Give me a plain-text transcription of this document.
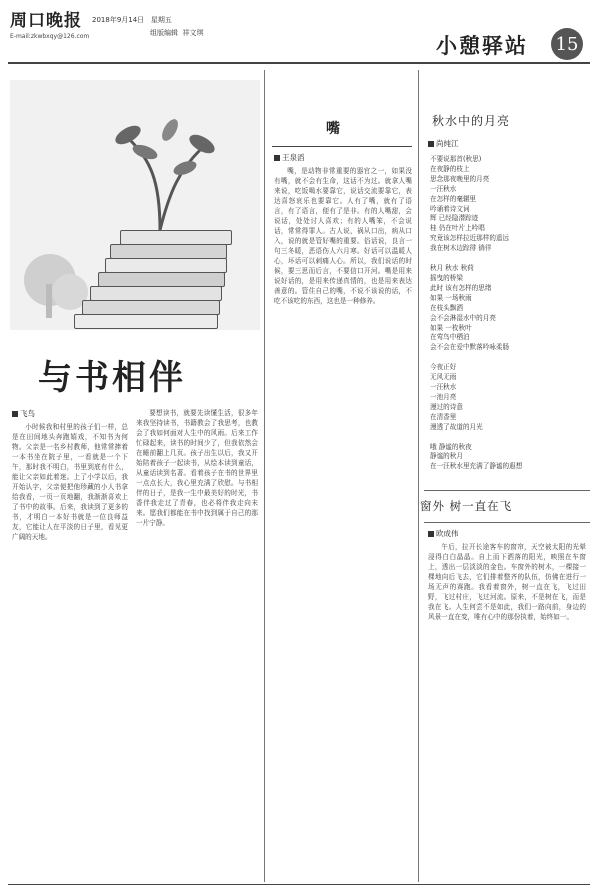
周口晚报
E-mail:zkwbxqy@126.com
2018年9月14日 星期五
组版编辑 祥文琪	小憩驿站 15
与书相伴
飞鸟

小时候我和村里的孩子们一样，总是在田间地头奔跑嬉戏，不知书为何物。父亲是一名乡村教师，他常常捧着一本书坐在院子里，一看就是一个下午，那时我不明白，书里到底有什么，能让父亲如此着迷。上了小学以后，我开始认字，父亲便把他珍藏的小人书拿给我看，一页一页地翻，我渐渐喜欢上了书中的故事。后来，我读到了更多的书，才明白一本好书就是一位良师益友，它能让人在平淡的日子里，看见更广阔的天地。

要想读书，就要先读懂生活，很多年来我坚持读书，书籍教会了我思考，也教会了我如何面对人生中的风雨。后来工作忙碌起来，读书的时间少了，但我依然会在睡前翻上几页。孩子出生以后，我又开始陪着孩子一起读书，从绘本读到童话，从童话读到名著。看着孩子在书的世界里一点点长大，我心里充满了欣慰。与书相伴的日子，是我一生中最美好的时光，书香伴我走过了青春，也必将伴我走向未来。愿我们都能在书中找到属于自己的那一片宁静。

嘴
王泉滔

嘴，是动物非常重要的器官之一，如果没有嘴，就不会有生命，这话不为过。就拿人嘴来说，吃饭喝水要靠它，说话交流要靠它，表达喜怒哀乐也要靠它。人有了嘴，就有了语言，有了语言，便有了是非。有的人嘴甜，会说话，处处讨人喜欢；有的人嘴笨，不会说话，常常得罪人。古人说，祸从口出，病从口入，说的就是管好嘴的重要。俗话说，良言一句三冬暖，恶语伤人六月寒。好话可以温暖人心，坏话可以刺痛人心。所以，我们说话的时候，要三思而后言，不要信口开河。嘴是用来说好话的，是用来传递真情的，也是用来表达善意的。管住自己的嘴，不说不该说的话，不吃不该吃的东西，这也是一种修养。

秋水中的月亮
尚纯江
不要说那首(秋思)
在夜静的枝上
思念那夜晚里的月亮
一汪秋水
在怎样的毫辗里
吟诵着诗文词
辉 已经隐潜踪迹
桂 仍在叶片上吟唱
究竟该怎样拉近那样的遥远
我在树木边踪徘 徜徉
秋月 秋水 秋荷
摇曳的桥梁
此时 该有怎样的思绪
如果 一场秋雨
在枝头飘洒
会不会淋湿水中的月亮
如果 一枚秋叶
在莺鸟中栖泊
会不会在爱中默落吟咏柔肠
今夜正好
无风无雨
一汪秋水
一池月亮
漫过的诗意
在清香里
漫透了故道的月光
哦 静谧的秋夜
静谧的秋月
在一汪秋水里充满了静谧的遐想
窗外 树一直在飞
欧成伟

午后，拉开长途客车的窗帘，天空被太阳的光晕浸得白白晶晶。自上而下洒落的阳光，映照在车窗上，透出一层淡淡的金色。车窗外的树木，一棵接一棵地向后飞去，它们排着整齐的队伍，仿佛在进行一场无声的赛跑。我看着窗外，树一直在飞，飞过田野，飞过村庄，飞过河流。原来，不是树在飞，而是我在飞。人生何尝不是如此，我们一路向前，身边的风景一直在变，唯有心中的那份执着，始终如一。
